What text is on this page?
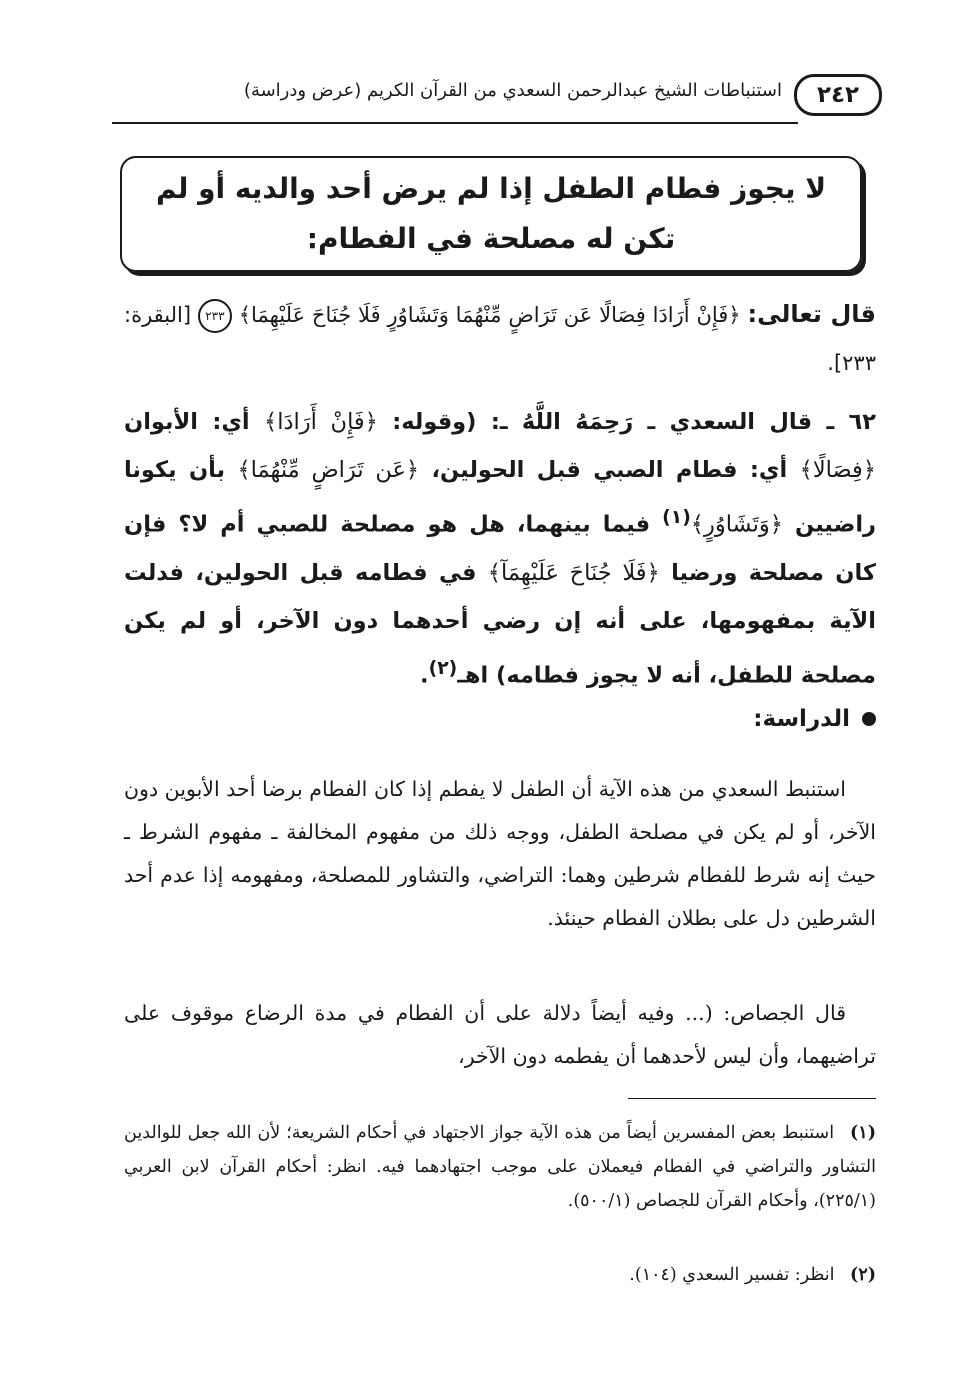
٢٤٢
استنباطات الشيخ عبدالرحمن السعدي من القرآن الكريم (عرض ودراسة)

لا يجوز فطام الطفل إذا لم يرض أحد والديه أو لم تكن له مصلحة في الفطام:

قال تعالى: ﴿فَإِنْ أَرَادَا فِصَالًا عَن تَرَاضٍ مِّنْهُمَا وَتَشَاوُرٍ فَلَا جُنَاحَ عَلَيْهِمَا﴾ ٢٣٣ [البقرة: ٢٣٣].
٦٢ ـ قال السعدي ـ رَحِمَهُ اللَّهُ ـ: (وقوله: ﴿فَإِنْ أَرَادَا﴾ أي: الأبوان ﴿فِصَالًا﴾ أي: فطام الصبي قبل الحولين، ﴿عَن تَرَاضٍ مِّنْهُمَا﴾ بأن يكونا راضيين ﴿وَتَشَاوُرٍ﴾$^{(١)}$ فيما بينهما، هل هو مصلحة للصبي أم لا؟ فإن كان مصلحة ورضيا ﴿فَلَا جُنَاحَ عَلَيْهِمَآ﴾ في فطامه قبل الحولين، فدلت الآية بمفهومها، على أنه إن رضي أحدهما دون الآخر، أو لم يكن مصلحة للطفل، أنه لا يجوز فطامه) اهـ$^{(٢)}$.
الدراسة:

استنبط السعدي من هذه الآية أن الطفل لا يفطم إذا كان الفطام برضا أحد الأبوين دون الآخر، أو لم يكن في مصلحة الطفل، ووجه ذلك من مفهوم المخالفة ـ مفهوم الشرط ـ حيث إنه شرط للفطام شرطين وهما: التراضي، والتشاور للمصلحة، ومفهومه إذا عدم أحد الشرطين دل على بطلان الفطام حينئذ.

قال الجصاص: (... وفيه أيضاً دلالة على أن الفطام في مدة الرضاع موقوف على تراضيهما، وأن ليس لأحدهما أن يفطمه دون الآخر،

(١) استنبط بعض المفسرين أيضاً من هذه الآية جواز الاجتهاد في أحكام الشريعة؛ لأن الله جعل للوالدين التشاور والتراضي في الفطام فيعملان على موجب اجتهادهما فيه. انظر: أحكام القرآن لابن العربي (٢٢٥/١)، وأحكام القرآن للجصاص (٥٠٠/١).
(٢) انظر: تفسير السعدي (١٠٤).
